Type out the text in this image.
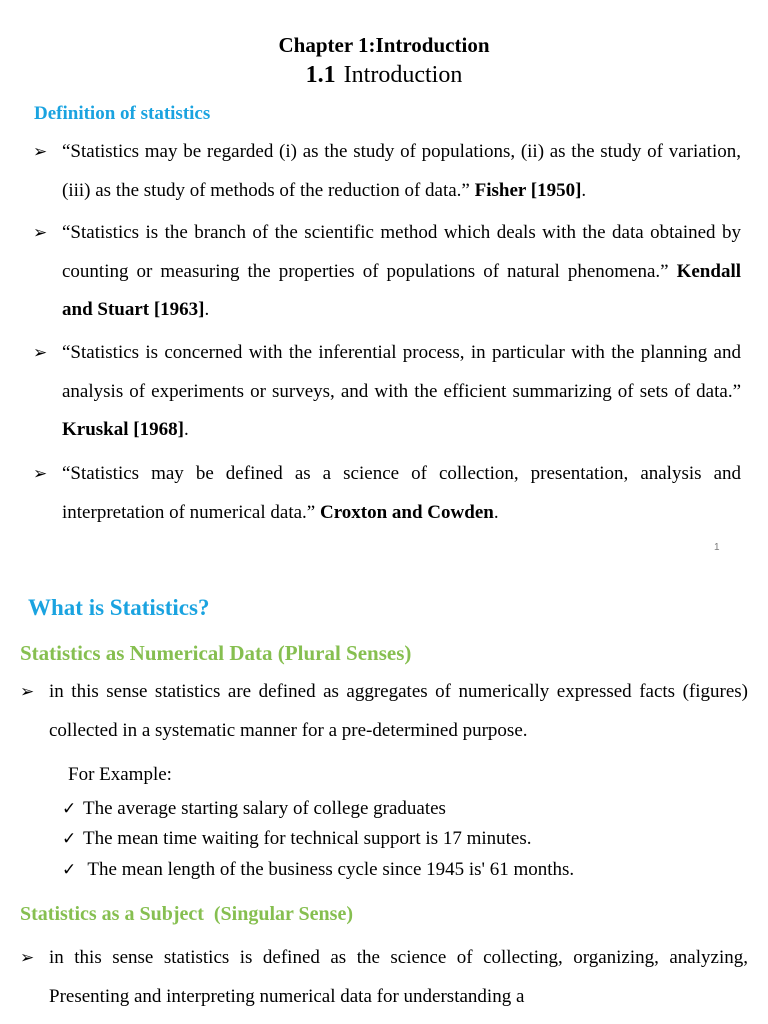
Chapter 1:Introduction
1.1 Introduction
Definition of statistics
➢ “Statistics may be regarded (i) as the study of populations, (ii) as the study of variation, (iii) as the study of methods of the reduction of data.” Fisher [1950].

➢ “Statistics is the branch of the scientific method which deals with the data obtained by counting or measuring the properties of populations of natural phenomena.” Kendall and Stuart [1963].

➢ “Statistics is concerned with the inferential process, in particular with the planning and analysis of experiments or surveys, and with the efficient summarizing of sets of data.” Kruskal [1968].

➢ “Statistics may be defined as a science of collection, presentation, analysis and interpretation of numerical data.” Croxton and Cowden.

1
What is Statistics?
Statistics as Numerical Data (Plural Senses)
➢ in this sense statistics are defined as aggregates of numerically expressed facts (figures) collected in a systematic manner for a pre-determined purpose.

For Example:
✓ The average starting salary of college graduates
✓ The mean time waiting for technical support is 17 minutes.
✓ The mean length of the business cycle since 1945 is' 61 months.
Statistics as a Subject  (Singular Sense)
➢ in this sense statistics is defined as the science of collecting, organizing, analyzing, Presenting and interpreting numerical data for understanding a
